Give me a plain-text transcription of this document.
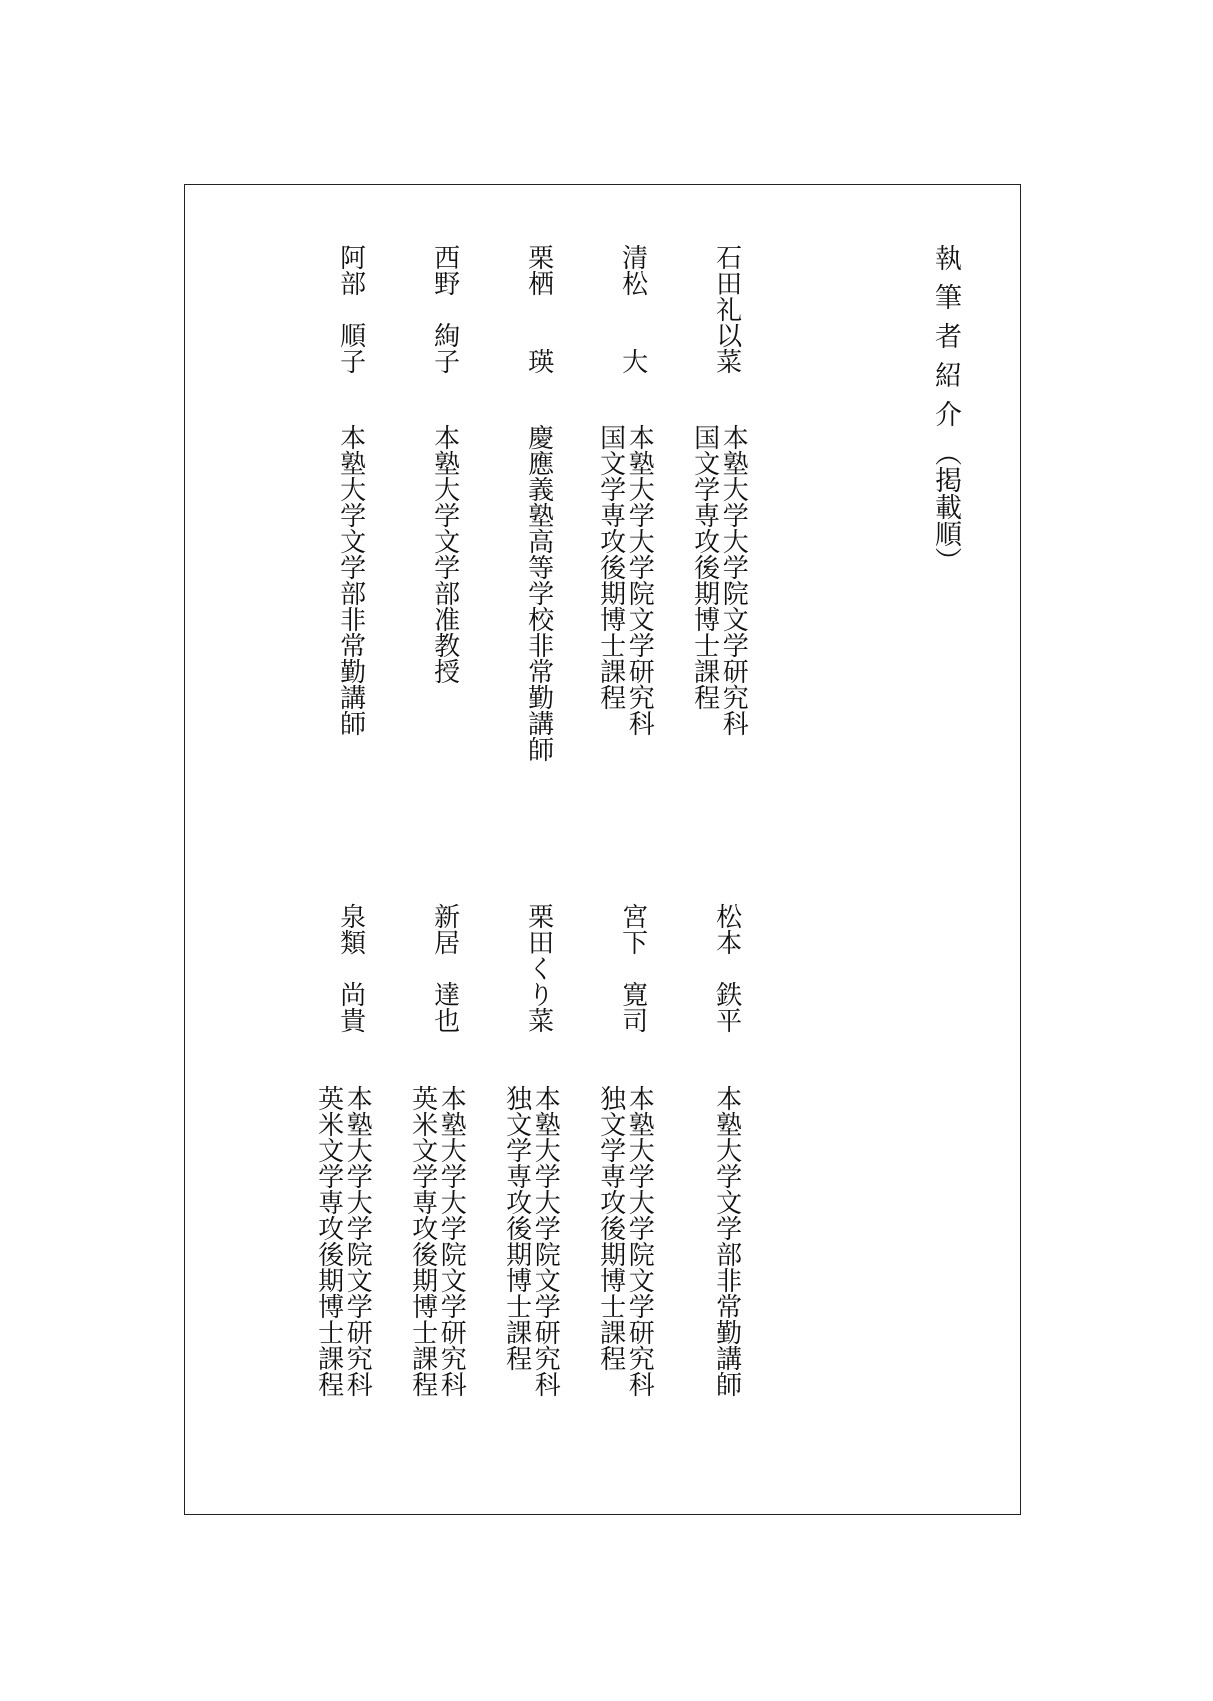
執筆者紹介（掲載順）
石田礼以菜
本塾大学大学院文学研究科
国文学専攻後期博士課程
清松　　大
本塾大学大学院文学研究科
国文学専攻後期博士課程
栗栖　　瑛
慶應義塾高等学校非常勤講師
西野　絢子
本塾大学文学部准教授
阿部　順子
本塾大学文学部非常勤講師
松本　鉄平
本塾大学文学部非常勤講師
宮下　寛司
本塾大学大学院文学研究科
独文学専攻後期博士課程
栗田くり菜
本塾大学大学院文学研究科
独文学専攻後期博士課程
新居　達也
本塾大学大学院文学研究科
英米文学専攻後期博士課程
泉類　尚貴
本塾大学大学院文学研究科
英米文学専攻後期博士課程
